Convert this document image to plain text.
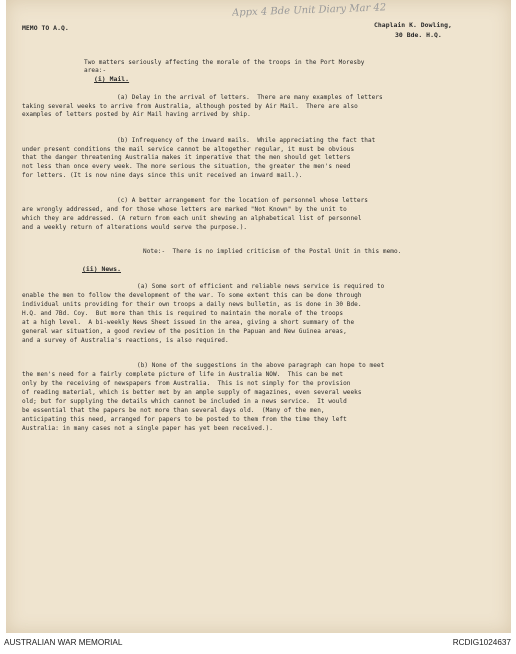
Appx 4 Bde Unit Diary Mar 42
MEMO TO A.Q.	Chaplain K. Dowling,
30 Bde. H.Q.
Two matters seriously affecting the morale of the troops in the Port Moresby
area:-
(i) Mail.
(a) Delay in the arrival of letters.  There are many examples of letters
taking several weeks to arrive from Australia, although posted by Air Mail.  There are also
examples of letters posted by Air Mail having arrived by ship.
(b) Infrequency of the inward mails.  While appreciating the fact that
under present conditions the mail service cannot be altogether regular, it must be obvious
that the danger threatening Australia makes it imperative that the men should get letters
not less than once every week. The more serious the situation, the greater the men's need
for letters. (It is now nine days since this unit received an inward mail.).
(c) A better arrangement for the location of personnel whose letters
are wrongly addressed, and for those whose letters are marked "Not Known" by the unit to
which they are addressed. (A return from each unit shewing an alphabetical list of personnel
and a weekly return of alterations would serve the purpose.).
Note:-  There is no implied criticism of the Postal Unit in this memo.
(ii) News.
(a) Some sort of efficient and reliable news service is required to
enable the men to follow the development of the war. To some extent this can be done through
individual units providing for their own troops a daily news bulletin, as is done in 30 Bde.
H.Q. and 7Bd. Coy.  But more than this is required to maintain the morale of the troops
at a high level.  A bi-weekly News Sheet issued in the area, giving a short summary of the
general war situation, a good review of the position in the Papuan and New Guinea areas,
and a survey of Australia's reactions, is also required.
(b) None of the suggestions in the above paragraph can hope to meet
the men's need for a fairly complete picture of life in Australia NOW.  This can be met
only by the receiving of newspapers from Australia.  This is not simply for the provision
of reading material, which is better met by an ample supply of magazines, even several weeks
old; but for supplying the details which cannot be included in a news service.  It would
be essential that the papers be not more than several days old.  (Many of the men,
anticipating this need, arranged for papers to be posted to them from the time they left
Australia: in many cases not a single paper has yet been received.).
AUSTRALIAN WAR MEMORIAL	RCDIG1024637
